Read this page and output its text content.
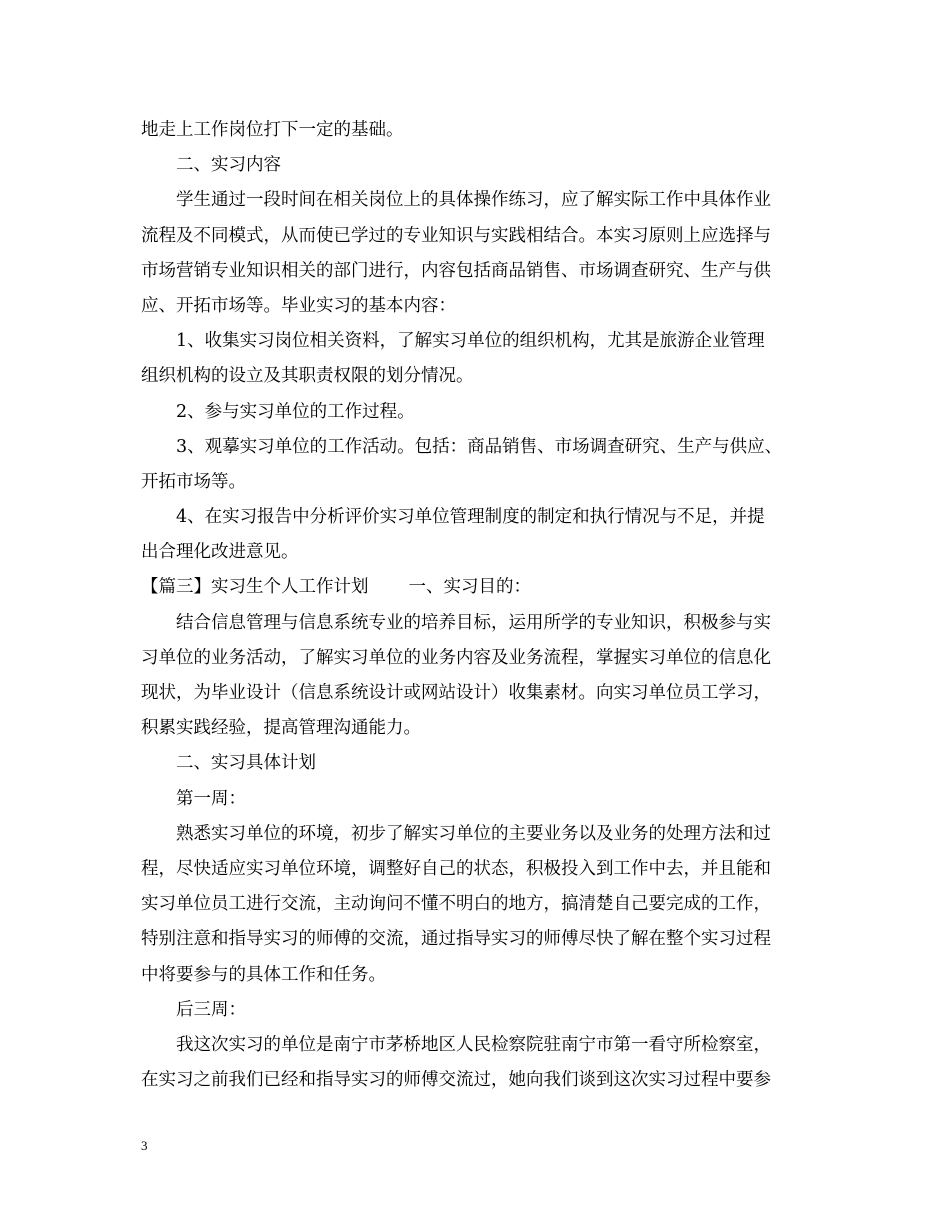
地走上工作岗位打下一定的基础。
二、实习内容
学生通过一段时间在相关岗位上的具体操作练习，应了解实际工作中具体作业
流程及不同模式，从而使已学过的专业知识与实践相结合。本实习原则上应选择与
市场营销专业知识相关的部门进行，内容包括商品销售、市场调查研究、生产与供
应、开拓市场等。毕业实习的基本内容：
1、收集实习岗位相关资料，了解实习单位的组织机构，尤其是旅游企业管理
组织机构的设立及其职责权限的划分情况。
2、参与实习单位的工作过程。
3、观摹实习单位的工作活动。包括：商品销售、市场调查研究、生产与供应、
开拓市场等。
4、在实习报告中分析评价实习单位管理制度的制定和执行情况与不足，并提
出合理化改进意见。
【篇三】实习生个人工作计划 一、实习目的：
结合信息管理与信息系统专业的培养目标，运用所学的专业知识，积极参与实
习单位的业务活动，了解实习单位的业务内容及业务流程，掌握实习单位的信息化
现状，为毕业设计（信息系统设计或网站设计）收集素材。向实习单位员工学习，
积累实践经验，提高管理沟通能力。
二、实习具体计划
第一周：
熟悉实习单位的环境，初步了解实习单位的主要业务以及业务的处理方法和过
程，尽快适应实习单位环境，调整好自己的状态，积极投入到工作中去，并且能和
实习单位员工进行交流，主动询问不懂不明白的地方，搞清楚自己要完成的工作，
特别注意和指导实习的师傅的交流，通过指导实习的师傅尽快了解在整个实习过程
中将要参与的具体工作和任务。
后三周：
我这次实习的单位是南宁市茅桥地区人民检察院驻南宁市第一看守所检察室，
在实习之前我们已经和指导实习的师傅交流过，她向我们谈到这次实习过程中要参
3
